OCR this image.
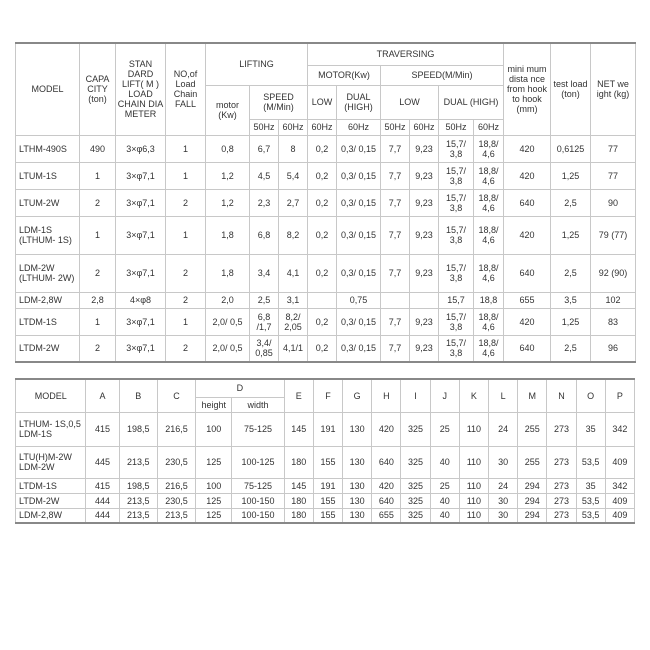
MODEL	CAPA CITY (ton)	STAN DARD LIFT( M ) LOAD CHAIN DIA METER	NO,of Load Chain FALL	LIFTING			TRAVERSING						mini mum dista nce from hook to hook (mm)	test load (ton)	NET we ight (kg)
							MOTOR(Kw)		SPEED(M/Min)						
				motor (Kw)	SPEED (M/Min)		LOW	DUAL (HIGH)	LOW		DUAL (HIGH)				
					50Hz	60Hz	60Hz	60Hz	50Hz	60Hz	50Hz	60Hz			
LTHM-490S	490	3×φ6,3	1	0,8	6,7	8	0,2	0,3/ 0,15	7,7	9,23	15,7/ 3,8	18,8/ 4,6	420	0,6125	77
LTUM-1S	1	3×φ7,1	1	1,2	4,5	5,4	0,2	0,3/ 0,15	7,7	9,23	15,7/ 3,8	18,8/ 4,6	420	1,25	77
LTUM-2W	2	3×φ7,1	2	1,2	2,3	2,7	0,2	0,3/ 0,15	7,7	9,23	15,7/ 3,8	18,8/ 4,6	640	2,5	90
LDM-1S (LTHUM- 1S)	1	3×φ7,1	1	1,8	6,8	8,2	0,2	0,3/ 0,15	7,7	9,23	15,7/ 3,8	18,8/ 4,6	420	1,25	79 (77)
LDM-2W (LTHUM- 2W)	2	3×φ7,1	2	1,8	3,4	4,1	0,2	0,3/ 0,15	7,7	9,23	15,7/ 3,8	18,8/ 4,6	640	2,5	92 (90)
LDM-2,8W	2,8	4×φ8	2	2,0	2,5	3,1		0,75			15,7	18,8	655	3,5	102
LTDM-1S	1	3×φ7,1	1	2,0/ 0,5	6,8 /1,7	8,2/ 2,05	0,2	0,3/ 0,15	7,7	9,23	15,7/ 3,8	18,8/ 4,6	420	1,25	83
LTDM-2W	2	3×φ7,1	2	2,0/ 0,5	3,4/ 0,85	4,1/1	0,2	0,3/ 0,15	7,7	9,23	15,7/ 3,8	18,8/ 4,6	640	2,5	96
MODEL	A	B	C	D		E	F	G	H	I	J	K	L	M	N	O	P
				height	width												
LTHUM- 1S,0,5 LDM-1S	415	198,5	216,5	100	75-125	145	191	130	420	325	25	110	24	255	273	35	342
LTU(H)M-2W LDM-2W	445	213,5	230,5	125	100-125	180	155	130	640	325	40	110	30	255	273	53,5	409
LTDM-1S	415	198,5	216,5	100	75-125	145	191	130	420	325	25	110	24	294	273	35	342
LTDM-2W	444	213,5	230,5	125	100-150	180	155	130	640	325	40	110	30	294	273	53,5	409
LDM-2,8W	444	213,5	213,5	125	100-150	180	155	130	655	325	40	110	30	294	273	53,5	409
